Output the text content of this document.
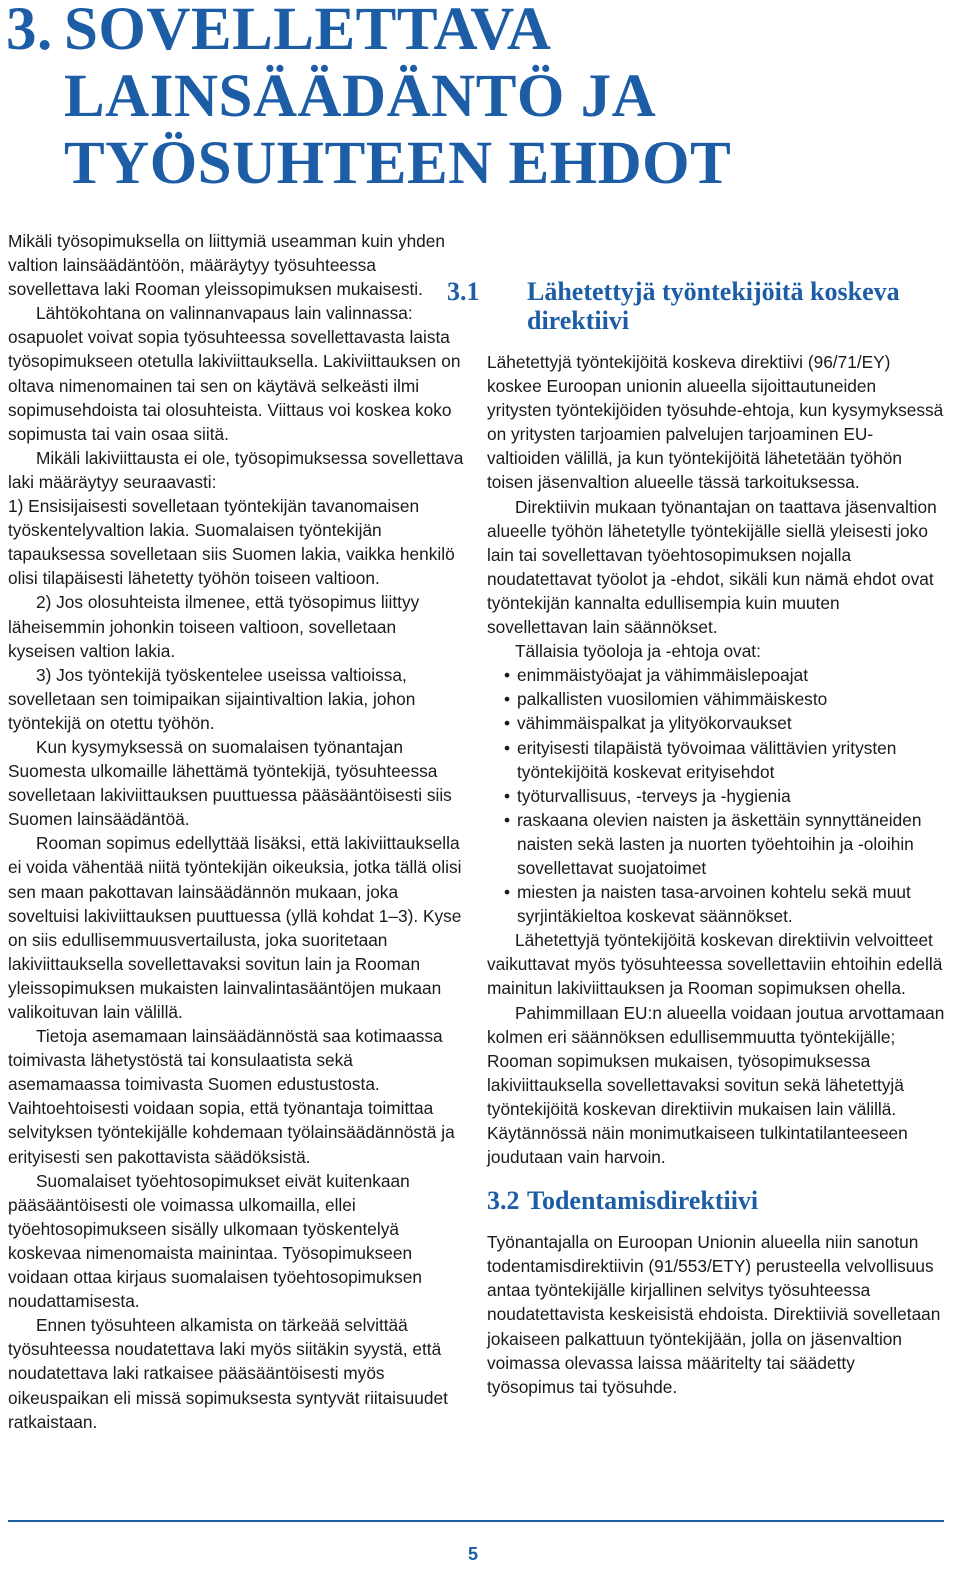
3. SOVELLETTAVA
LAINSÄÄDÄNTÖ JA
TYÖSUHTEEN EHDOT

Mikäli työsopimuksella on liittymiä useamman kuin yhden valtion lainsäädäntöön, määräytyy työsuhteessa sovellettava laki Rooman yleissopimuksen mukaisesti.

Lähtökohtana on valinnanvapaus lain valinnassa: osapuolet voivat sopia työsuhteessa sovellettavasta laista työsopimukseen otetulla lakiviittauksella. Lakiviittauksen on oltava nimenomainen tai sen on käytävä selkeästi ilmi sopimusehdoista tai olosuhteista. Viittaus voi koskea koko sopimusta tai vain osaa siitä.

Mikäli lakiviittausta ei ole, työsopimuksessa sovellettava laki määräytyy seuraavasti:

1) Ensisijaisesti sovelletaan työntekijän tavanomaisen työskentelyvaltion lakia. Suomalaisen työntekijän tapauksessa sovelletaan siis Suomen lakia, vaikka henkilö olisi tilapäisesti lähetetty työhön toiseen valtioon.

2) Jos olosuhteista ilmenee, että työsopimus liittyy läheisemmin johonkin toiseen valtioon, sovelletaan kyseisen valtion lakia.

3) Jos työntekijä työskentelee useissa valtioissa, sovelletaan sen toimipaikan sijaintivaltion lakia, johon työntekijä on otettu työhön.

Kun kysymyksessä on suomalaisen työnantajan Suomesta ulkomaille lähettämä työntekijä, työsuhteessa sovelletaan lakiviittauksen puuttuessa pääsääntöisesti siis Suomen lainsäädäntöä.

Rooman sopimus edellyttää lisäksi, että lakiviittauksella ei voida vähentää niitä työntekijän oikeuksia, jotka tällä olisi sen maan pakottavan lainsäädännön mukaan, joka soveltuisi lakiviittauksen puuttuessa (yllä kohdat 1–3). Kyse on siis edullisemmuusvertailusta, joka suoritetaan lakiviittauksella sovellettavaksi sovitun lain ja Rooman yleissopimuksen mukaisten lainvalintasääntöjen mukaan valikoituvan lain välillä.

Tietoja asemamaan lainsäädännöstä saa kotimaassa toimivasta lähetystöstä tai konsulaatista sekä asemamaassa toimivasta Suomen edustustosta. Vaihtoehtoisesti voidaan sopia, että työnantaja toimittaa selvityksen työntekijälle kohdemaan työlainsäädännöstä ja erityisesti sen pakottavista säädöksistä.

Suomalaiset työehtosopimukset eivät kuitenkaan pääsääntöisesti ole voimassa ulkomailla, ellei työehtosopimukseen sisälly ulkomaan työskentelyä koskevaa nimenomaista mainintaa. Työsopimukseen voidaan ottaa kirjaus suomalaisen työehtosopimuksen noudattamisesta.

Ennen työsuhteen alkamista on tärkeää selvittää työsuhteessa noudatettava laki myös siitäkin syystä, että noudatettava laki ratkaisee pääsääntöisesti myös oikeuspaikan eli missä sopimuksesta syntyvät riitaisuudet ratkaistaan.

3.1 Lähetettyjä työntekijöitä koskeva direktiivi

Lähetettyjä työntekijöitä koskeva direktiivi (96/71/EY) koskee Euroopan unionin alueella sijoittautuneiden yritysten työntekijöiden työsuhde-ehtoja, kun kysymyksessä on yritysten tarjoamien palvelujen tarjoaminen EU-valtioiden välillä, ja kun työntekijöitä lähetetään työhön toisen jäsenvaltion alueelle tässä tarkoituksessa.

Direktiivin mukaan työnantajan on taattava jäsenvaltion alueelle työhön lähetetylle työntekijälle siellä yleisesti joko lain tai sovellettavan työehtosopimuksen nojalla noudatettavat työolot ja -ehdot, sikäli kun nämä ehdot ovat työntekijän kannalta edullisempia kuin muuten sovellettavan lain säännökset.

Tällaisia työoloja ja -ehtoja ovat:

• enimmäistyöajat ja vähimmäislepoajat
• palkallisten vuosilomien vähimmäiskesto
• vähimmäispalkat ja ylityökorvaukset
• erityisesti tilapäistä työvoimaa välittävien yritysten työntekijöitä koskevat erityisehdot
• työturvallisuus, -terveys ja -hygienia
• raskaana olevien naisten ja äskettäin synnyttäneiden naisten sekä lasten ja nuorten työehtoihin ja -oloihin sovellettavat suojatoimet
• miesten ja naisten tasa-arvoinen kohtelu sekä muut syrjintäkieltoa koskevat säännökset.

Lähetettyjä työntekijöitä koskevan direktiivin velvoitteet vaikuttavat myös työsuhteessa sovellettaviin ehtoihin edellä mainitun lakiviittauksen ja Rooman sopimuksen ohella.

Pahimmillaan EU:n alueella voidaan joutua arvottamaan kolmen eri säännöksen edullisemmuutta työntekijälle; Rooman sopimuksen mukaisen, työsopimuksessa lakiviittauksella sovellettavaksi sovitun sekä lähetettyjä työntekijöitä koskevan direktiivin mukaisen lain välillä. Käytännössä näin monimutkaiseen tulkintatilanteeseen joudutaan vain harvoin.

3.2 Todentamisdirektiivi

Työnantajalla on Euroopan Unionin alueella niin sanotun todentamisdirektiivin (91/553/ETY) perusteella velvollisuus antaa työntekijälle kirjallinen selvitys työsuhteessa noudatettavista keskeisistä ehdoista. Direktiiviä sovelletaan jokaiseen palkattuun työntekijään, jolla on jäsenvaltion voimassa olevassa laissa määritelty tai säädetty työsopimus tai työsuhde.

5
